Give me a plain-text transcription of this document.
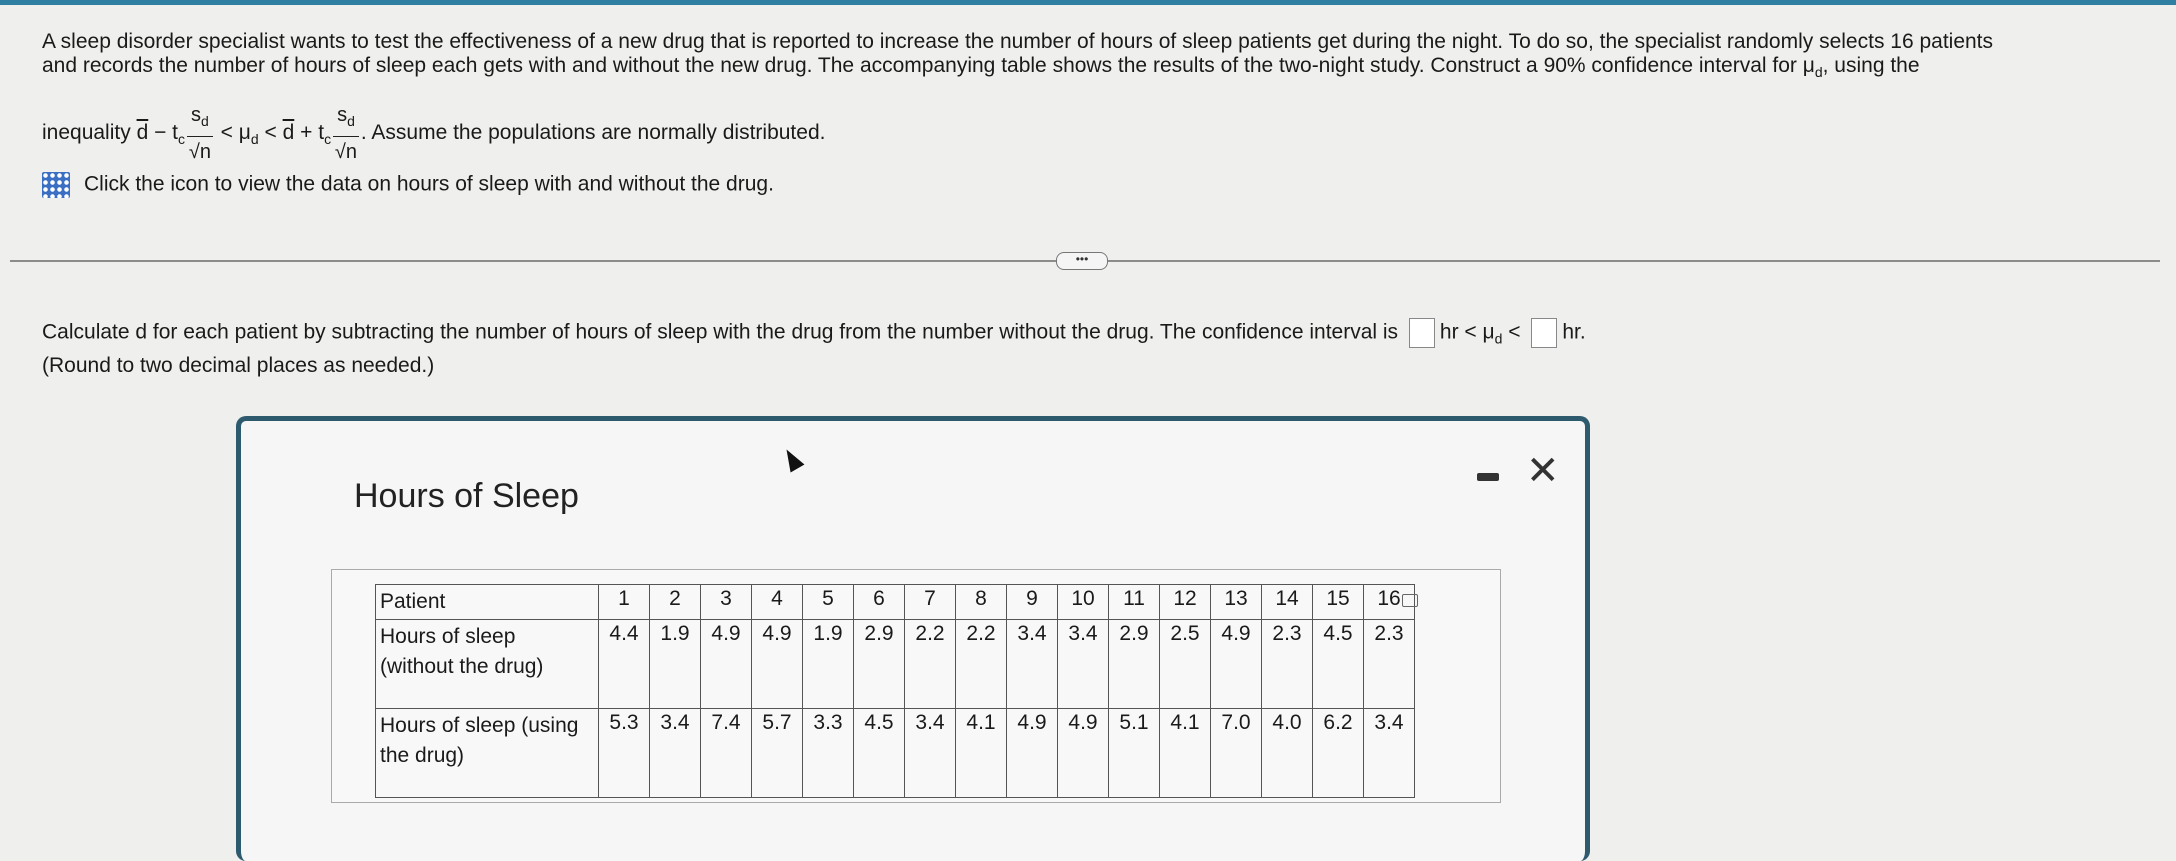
A sleep disorder specialist wants to test the effectiveness of a new drug that is reported to increase the number of hours of sleep patients get during the night. To do so, the specialist randomly selects 16 patients
and records the number of hours of sleep each gets with and without the new drug. The accompanying table shows the results of the two-night study. Construct a 90% confidence interval for $\mu_d$, using the
inequality $\overline{d} - t_c \frac{s_d}{√n} < \mu_d < \overline{d} + t_c \frac{s_d}{√n}$ . Assume the populations are normally distributed.
Click the icon to view the data on hours of sleep with and without the drug.
•••
Calculate d for each patient by subtracting the number of hours of sleep with the drug from the number without the drug. The confidence interval is hr < $\mu_d$ < hr.
(Round to two decimal places as needed.)
Hours of Sleep
✕
Patient	1	2	3	4	5	6	7	8	9	10	11	12	13	14	15	16
Hours of sleep (without the drug)	4.4	1.9	4.9	4.9	1.9	2.9	2.2	2.2	3.4	3.4	2.9	2.5	4.9	2.3	4.5	2.3
Hours of sleep (using the drug)	5.3	3.4	7.4	5.7	3.3	4.5	3.4	4.1	4.9	4.9	5.1	4.1	7.0	4.0	6.2	3.4
